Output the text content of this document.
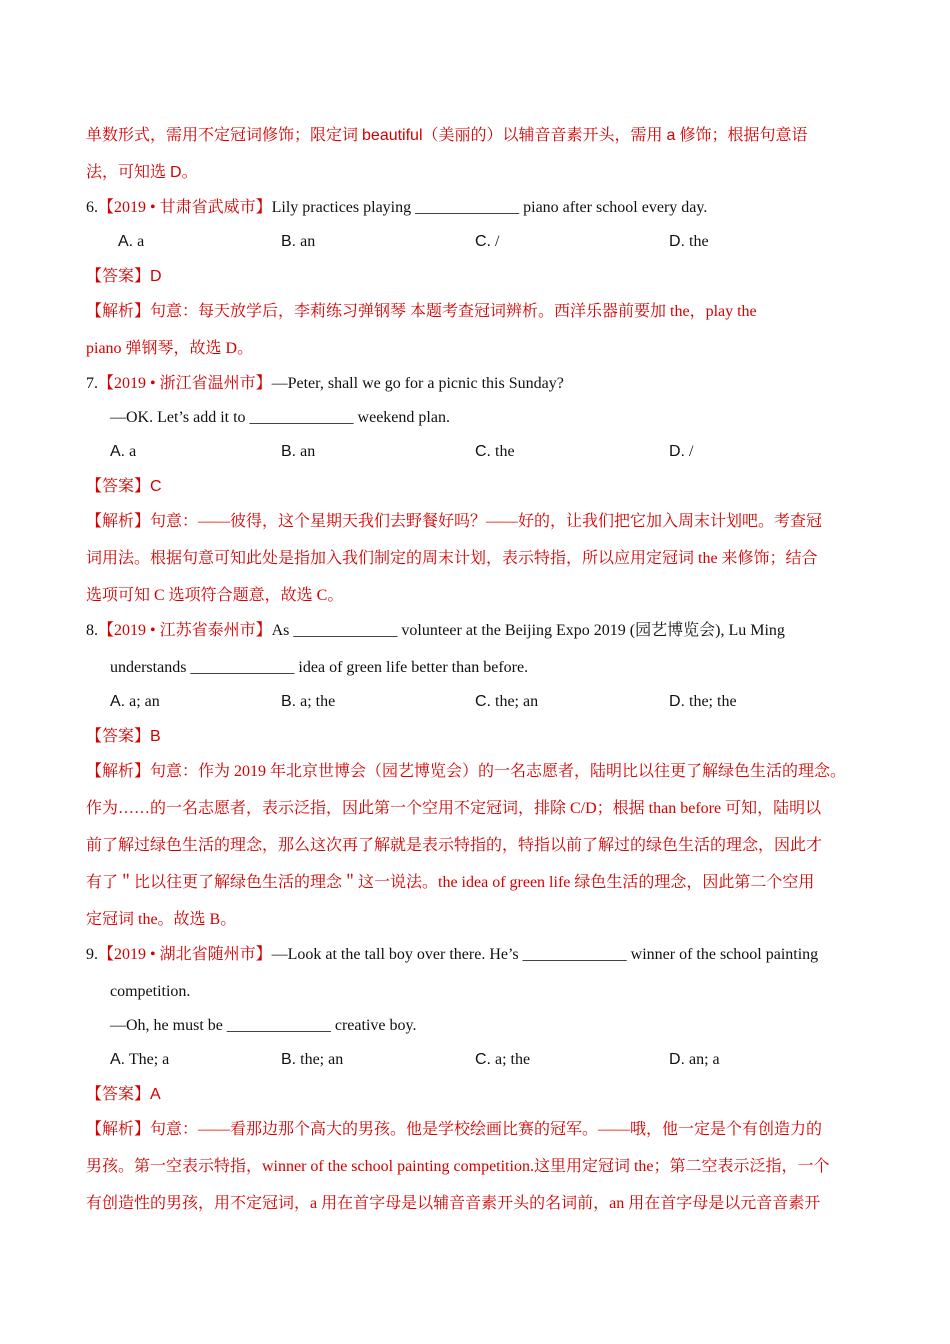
单数形式，需用不定冠词修饰；限定词 beautiful（美丽的）以辅音音素开头，需用 a 修饰；根据句意语
法，可知选 D。
6.【2019 • 甘肃省武威市】Lily practices playing _____________ piano after school every day.
A. a	B. an	C. /	D. the
【答案】D
【解析】句意：每天放学后，李莉练习弹钢琴 本题考查冠词辨析。西洋乐器前要加 the，play the
piano 弹钢琴，故选 D。
7.【2019 • 浙江省温州市】—Peter, shall we go for a picnic this Sunday?
—OK. Let’s add it to _____________ weekend plan.
A. a	B. an	C. the	D. /
【答案】C
【解析】句意：——彼得，这个星期天我们去野餐好吗？——好的，让我们把它加入周末计划吧。考查冠
词用法。根据句意可知此处是指加入我们制定的周末计划，表示特指，所以应用定冠词 the 来修饰；结合
选项可知 C 选项符合题意，故选 C。
8.【2019 • 江苏省泰州市】As _____________ volunteer at the Beijing Expo 2019 (园艺博览会), Lu Ming
understands _____________ idea of green life better than before.
A. a; an	B. a; the	C. the; an	D. the; the
【答案】B
【解析】句意：作为 2019 年北京世博会（园艺博览会）的一名志愿者，陆明比以往更了解绿色生活的理念。
作为……的一名志愿者，表示泛指，因此第一个空用不定冠词，排除 C/D；根据 than before 可知，陆明以
前了解过绿色生活的理念，那么这次再了解就是表示特指的，特指以前了解过的绿色生活的理念，因此才
有了＂比以往更了解绿色生活的理念＂这一说法。the idea of green life 绿色生活的理念，因此第二个空用
定冠词 the。故选 B。
9.【2019 • 湖北省随州市】—Look at the tall boy over there. He’s _____________ winner of the school painting
competition.
—Oh, he must be _____________ creative boy.
A. The; a	B. the; an	C. a; the	D. an; a
【答案】A
【解析】句意：——看那边那个高大的男孩。他是学校绘画比赛的冠军。——哦，他一定是个有创造力的
男孩。第一空表示特指，winner of the school painting competition.这里用定冠词 the；第二空表示泛指，一个
有创造性的男孩，用不定冠词，a 用在首字母是以辅音音素开头的名词前，an 用在首字母是以元音音素开
